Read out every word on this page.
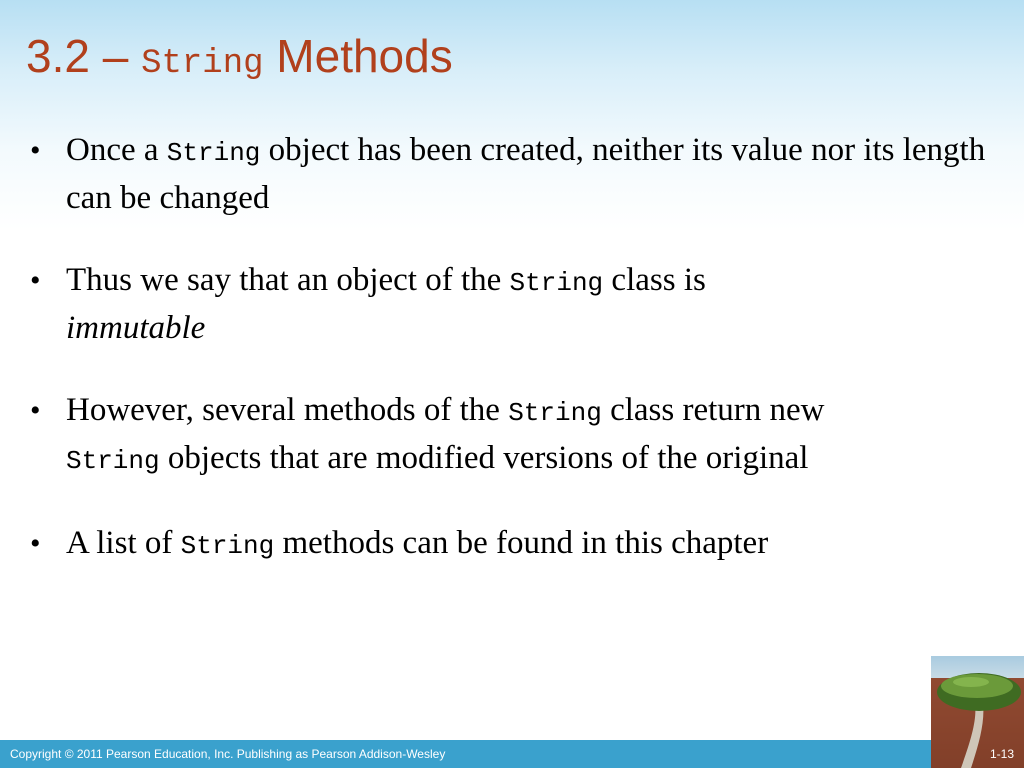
3.2 – String Methods
• Once a String object has been created, neither its value nor its length can be changed
• Thus we say that an object of the String class is
immutable
• However, several methods of the String class return new
String objects that are modified versions of the original
• A list of String methods can be found in this chapter
Copyright © 2011 Pearson Education, Inc. Publishing as Pearson Addison-Wesley	1-13
